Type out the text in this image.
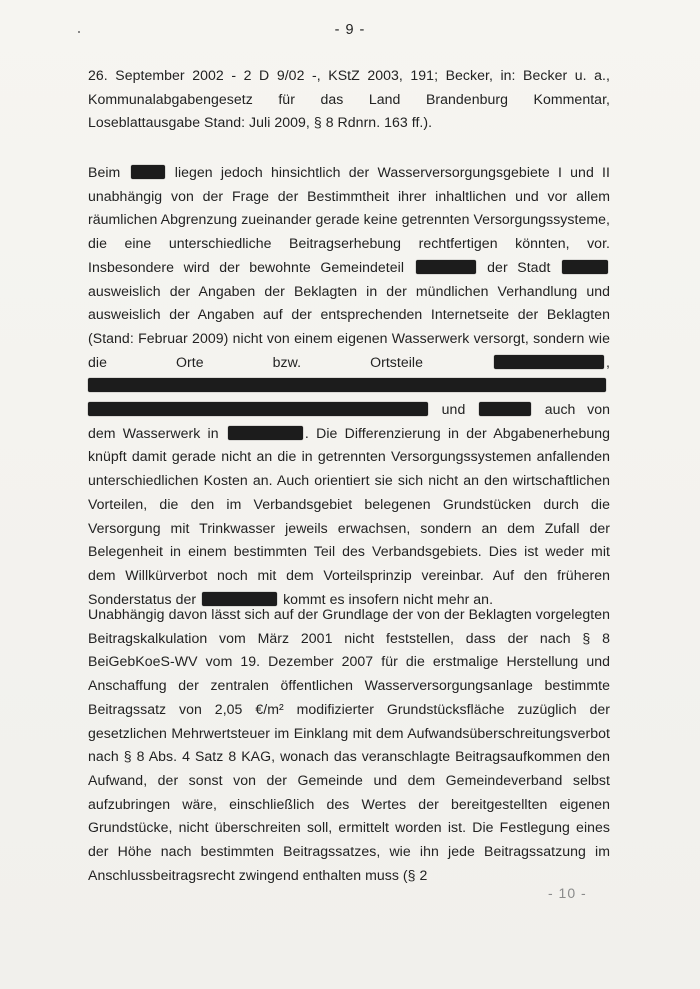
- 9 -

26. September 2002 - 2 D 9/02 -, KStZ 2003, 191; Becker, in: Becker u. a., Kommunalabgabengesetz für das Land Brandenburg Kommentar, Loseblattausgabe Stand: Juli 2009, § 8 Rdnrn. 163 ff.).

Beim	liegen jedoch hinsichtlich der Wasserversorgungsgebiete I und II unabhängig von der Frage der Bestimmtheit ihrer inhaltlichen und vor allem räumlichen Abgrenzung zueinander gerade keine getrennten Versorgungssysteme, die eine unterschiedliche Beitragserhebung rechtfertigen könnten, vor. Insbesondere wird der bewohnte Gemeindeteil	der Stadt  ausweislich der Angaben der Beklagten in der mündlichen Verhandlung und ausweislich der Angaben auf der entsprechenden Internetseite der Beklagten (Stand: Februar 2009) nicht von einem eigenen Wasserwerk versorgt, sondern wie die Orte bzw. Ortsteile	,   und	auch von dem Wasserwerk in	. Die Differenzierung in der Abgabenerhebung knüpft damit gerade nicht an die in getrennten Versorgungssystemen anfallenden unterschiedlichen Kosten an. Auch orientiert sie sich nicht an den wirtschaftlichen Vorteilen, die den im Verbandsgebiet belegenen Grundstücken durch die Versorgung mit Trinkwasser jeweils erwachsen, sondern an dem Zufall der Belegenheit in einem bestimmten Teil des Verbandsgebiets. Dies ist weder mit dem Willkürverbot noch mit dem Vorteilsprinzip vereinbar. Auf den früheren Sonderstatus der	kommt es insofern nicht mehr an.

Unabhängig davon lässt sich auf der Grundlage der von der Beklagten vorgelegten Beitragskalkulation vom März 2001 nicht feststellen, dass der nach § 8 BeiGebKoeS-WV vom 19. Dezember 2007 für die erstmalige Herstellung und Anschaffung der zentralen öffentlichen Wasserversorgungsanlage bestimmte Beitragssatz von 2,05 €/m² modifizierter Grundstücksfläche zuzüglich der gesetzlichen Mehrwertsteuer im Einklang mit dem Aufwandsüberschreitungsverbot nach § 8 Abs. 4 Satz 8 KAG, wonach das veranschlagte Beitragsaufkommen den Aufwand, der sonst von der Gemeinde und dem Gemeindeverband selbst aufzubringen wäre, einschließlich des Wertes der bereitgestellten eigenen Grundstücke, nicht überschreiten soll, ermittelt worden ist. Die Festlegung eines der Höhe nach bestimmten Beitragssatzes, wie ihn jede Beitragssatzung im Anschlussbeitragsrecht zwingend enthalten muss (§ 2

- 10 -
